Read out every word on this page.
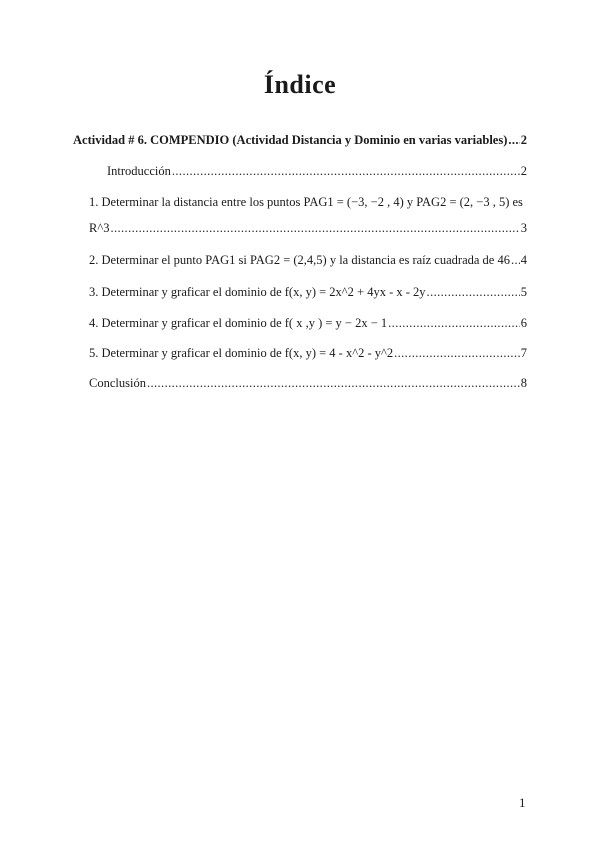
Índice
Actividad # 6. COMPENDIO (Actividad Distancia y Dominio en varias variables) ..... 2
Introducción .....	2
1. Determinar la distancia entre los puntos PAG1 = (−3, −2 , 4) y PAG2 = (2, −3 , 5) es
R^3 .....	3
2. Determinar el punto PAG1 si PAG2 = (2,4,5) y la distancia es raíz cuadrada de 46 ..... 4
3. Determinar y graficar el dominio de f(x, y) = 2x^2 + 4yx - x - 2y .....	5
4. Determinar y graficar el dominio de f( x ,y ) = y − 2x − 1 .....	6
5. Determinar y graficar el dominio de f(x, y) = 4 - x^2 - y^2 .....	7
Conclusión .....	8
1
